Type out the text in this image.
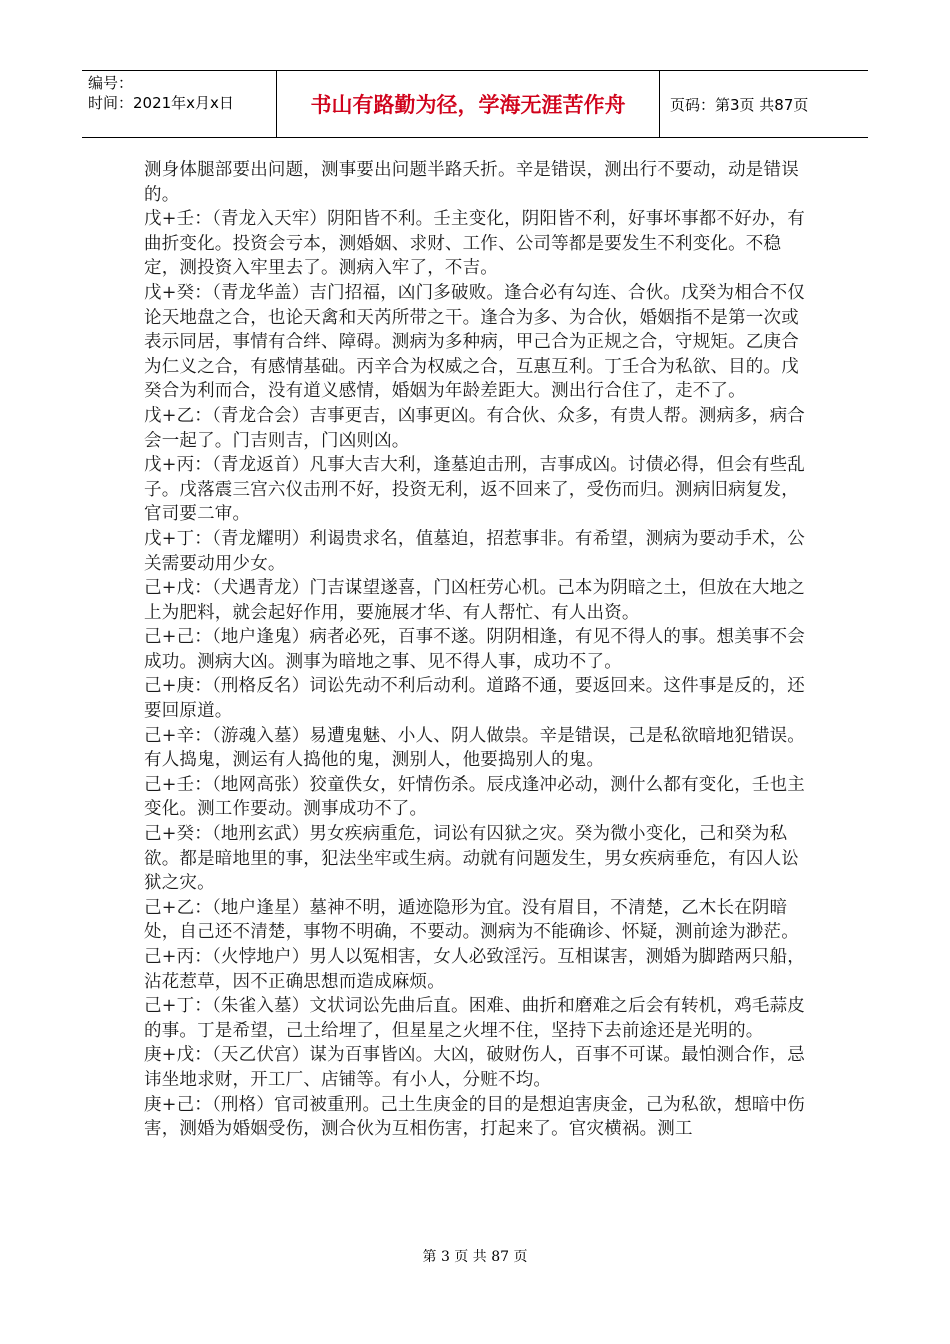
编号：
时间：2021年x月x日	书山有路勤为径，学海无涯苦作舟	页码：第3页 共87页

测身体腿部要出问题，测事要出问题半路夭折。辛是错误，测出行不要动，动是错误的。

戊+壬：（青龙入天牢）阴阳皆不利。壬主变化，阴阳皆不利，好事坏事都不好办，有曲折变化。投资会亏本，测婚姻、求财、工作、公司等都是要发生不利变化。不稳定，测投资入牢里去了。测病入牢了，不吉。

戊+癸：（青龙华盖）吉门招福，凶门多破败。逢合必有勾连、合伙。戊癸为相合不仅论天地盘之合，也论天禽和天芮所带之干。逢合为多、为合伙，婚姻指不是第一次或表示同居，事情有合绊、障碍。测病为多种病，甲己合为正规之合，守规矩。乙庚合为仁义之合，有感情基础。丙辛合为权威之合，互惠互利。丁壬合为私欲、目的。戊癸合为利而合，没有道义感情，婚姻为年龄差距大。测出行合住了，走不了。

戊+乙：（青龙合会）吉事更吉，凶事更凶。有合伙、众多，有贵人帮。测病多，病合会一起了。门吉则吉，门凶则凶。

戊+丙：（青龙返首）凡事大吉大利，逢墓迫击刑，吉事成凶。讨债必得，但会有些乱子。戊落震三宫六仪击刑不好，投资无利，返不回来了，受伤而归。测病旧病复发，官司要二审。

戊+丁：（青龙耀明）利谒贵求名，值墓迫，招惹事非。有希望，测病为要动手术，公关需要动用少女。

己+戊：（犬遇青龙）门吉谋望遂喜，门凶枉劳心机。己本为阴暗之土，但放在大地之上为肥料，就会起好作用，要施展才华、有人帮忙、有人出资。

己+己：（地户逢鬼）病者必死，百事不遂。阴阴相逢，有见不得人的事。想美事不会成功。测病大凶。测事为暗地之事、见不得人事，成功不了。

己+庚：（刑格反名）词讼先动不利后动利。道路不通，要返回来。这件事是反的，还要回原道。

己+辛：（游魂入墓）易遭鬼魅、小人、阴人做祟。辛是错误，己是私欲暗地犯错误。有人捣鬼，测运有人捣他的鬼，测别人，他要捣别人的鬼。

己+壬：（地网高张）狡童佚女，奸情伤杀。辰戌逢冲必动，测什么都有变化，壬也主变化。测工作要动。测事成功不了。

己+癸：（地刑玄武）男女疾病重危，词讼有囚狱之灾。癸为微小变化，己和癸为私欲。都是暗地里的事，犯法坐牢或生病。动就有问题发生，男女疾病垂危，有囚人讼狱之灾。

己+乙：（地户逢星）墓神不明，遁迹隐形为宜。没有眉目，不清楚，乙木长在阴暗处，自己还不清楚，事物不明确，不要动。测病为不能确诊、怀疑，测前途为渺茫。

己+丙：（火悖地户）男人以冤相害，女人必致淫污。互相谋害，测婚为脚踏两只船，沾花惹草，因不正确思想而造成麻烦。

己+丁：（朱雀入墓）文状词讼先曲后直。困难、曲折和磨难之后会有转机，鸡毛蒜皮的事。丁是希望，己土给埋了，但星星之火埋不住，坚持下去前途还是光明的。

庚+戊：（天乙伏宫）谋为百事皆凶。大凶，破财伤人，百事不可谋。最怕测合作，忌讳坐地求财，开工厂、店铺等。有小人，分赃不均。

庚+己：（刑格）官司被重刑。己土生庚金的目的是想迫害庚金，己为私欲，想暗中伤害，测婚为婚姻受伤，测合伙为互相伤害，打起来了。官灾横祸。测工

第 3 页 共 87 页
